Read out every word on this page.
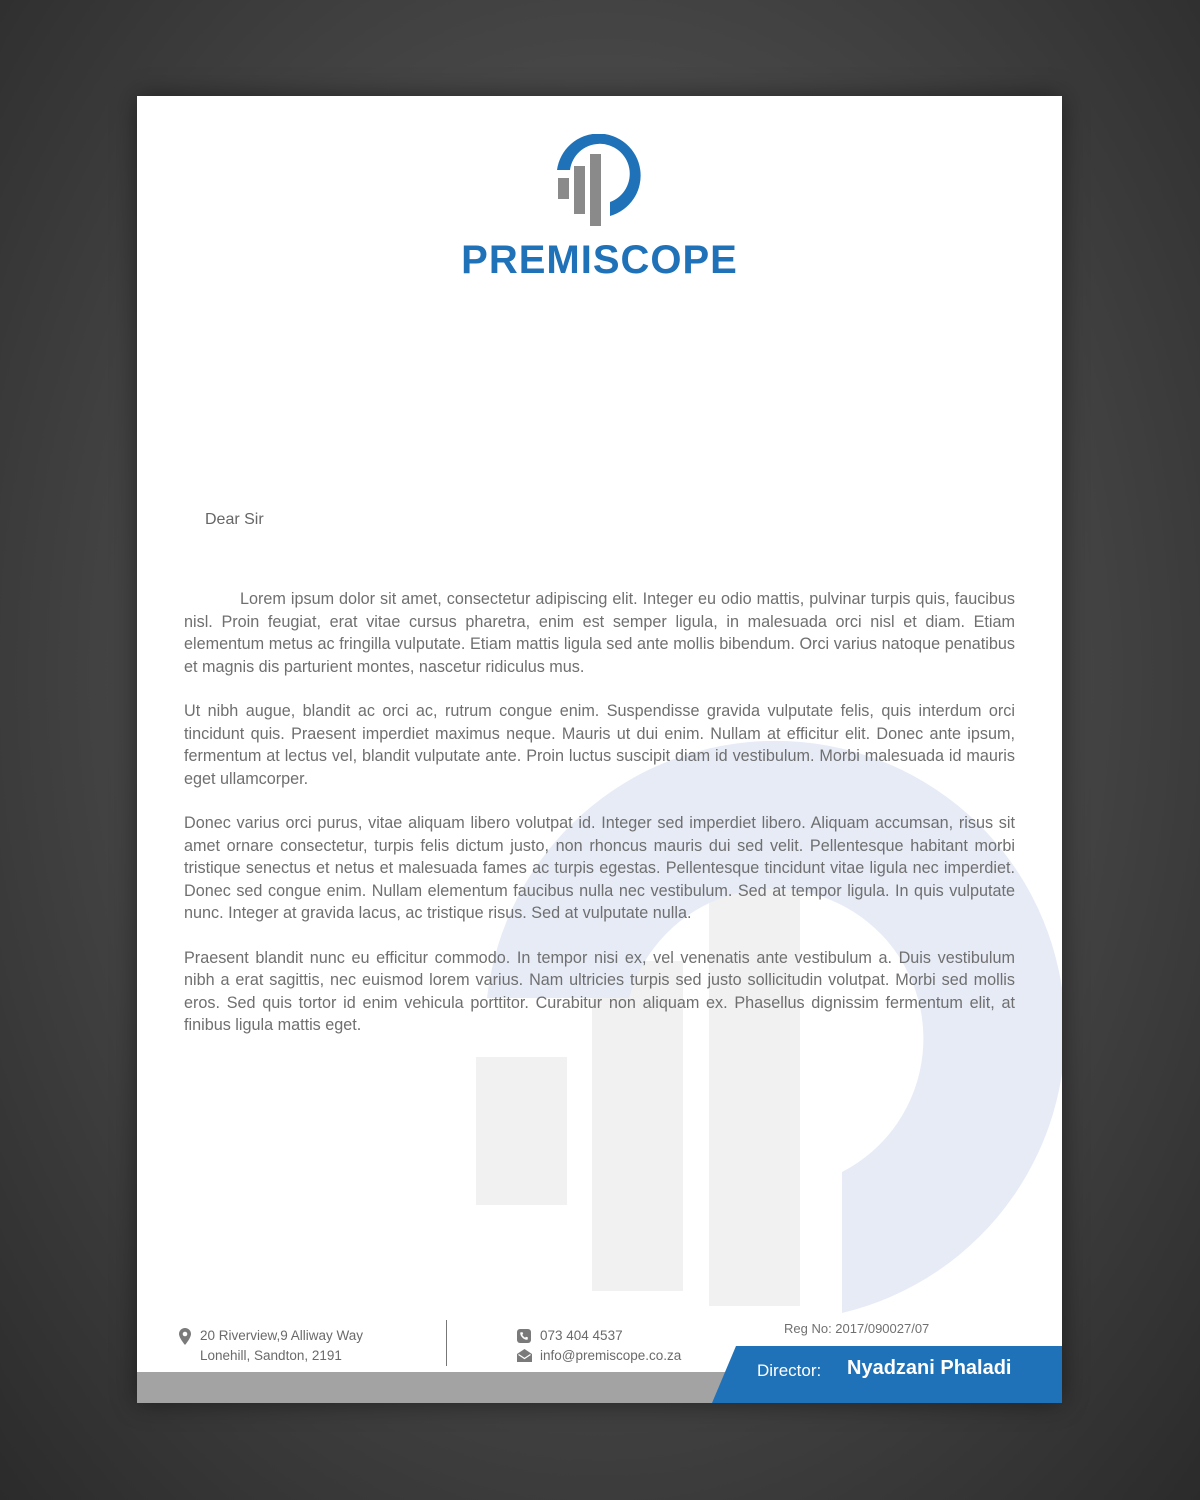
PREMISCOPE
Dear Sir

Lorem ipsum dolor sit amet, consectetur adipiscing elit. Integer eu odio mattis, pulvinar turpis quis, faucibus nisl. Proin feugiat, erat vitae cursus pharetra, enim est semper ligula, in malesuada orci nisl et diam. Etiam elementum metus ac fringilla vulputate. Etiam mattis ligula sed ante mollis bibendum. Orci varius natoque penatibus et magnis dis parturient montes, nascetur ridiculus mus.

Ut nibh augue, blandit ac orci ac, rutrum congue enim. Suspendisse gravida vulputate felis, quis interdum orci tincidunt quis. Praesent imperdiet maximus neque. Mauris ut dui enim. Nullam at efficitur elit. Donec ante ipsum, fermentum at lectus vel, blandit vulputate ante. Proin luctus suscipit diam id vestibulum. Morbi malesuada id mauris eget ullamcorper.

Donec varius orci purus, vitae aliquam libero volutpat id. Integer sed imperdiet libero. Aliquam accumsan, risus sit amet ornare consectetur, turpis felis dictum justo, non rhoncus mauris dui sed velit. Pellentesque habitant morbi tristique senectus et netus et malesuada fames ac turpis egestas. Pellentesque tincidunt vitae ligula nec imperdiet. Donec sed congue enim. Nullam elementum faucibus nulla nec vestibulum. Sed at tempor ligula. In quis vulputate nunc. Integer at gravida lacus, ac tristique risus. Sed at vulputate nulla.

Praesent blandit nunc eu efficitur commodo. In tempor nisi ex, vel venenatis ante vestibulum a. Duis vestibulum nibh a erat sagittis, nec euismod lorem varius. Nam ultricies turpis sed justo sollicitudin volutpat. Morbi sed mollis eros. Sed quis tortor id enim vehicula porttitor. Curabitur non aliquam ex. Phasellus dignissim fermentum elit, at finibus ligula mattis eget.

20 Riverview,9 Alliway Way
Lonehill, Sandton, 2191
073 404 4537
info@premiscope.co.za
Reg No: 2017/090027/07
Director: Nyadzani Phaladi
